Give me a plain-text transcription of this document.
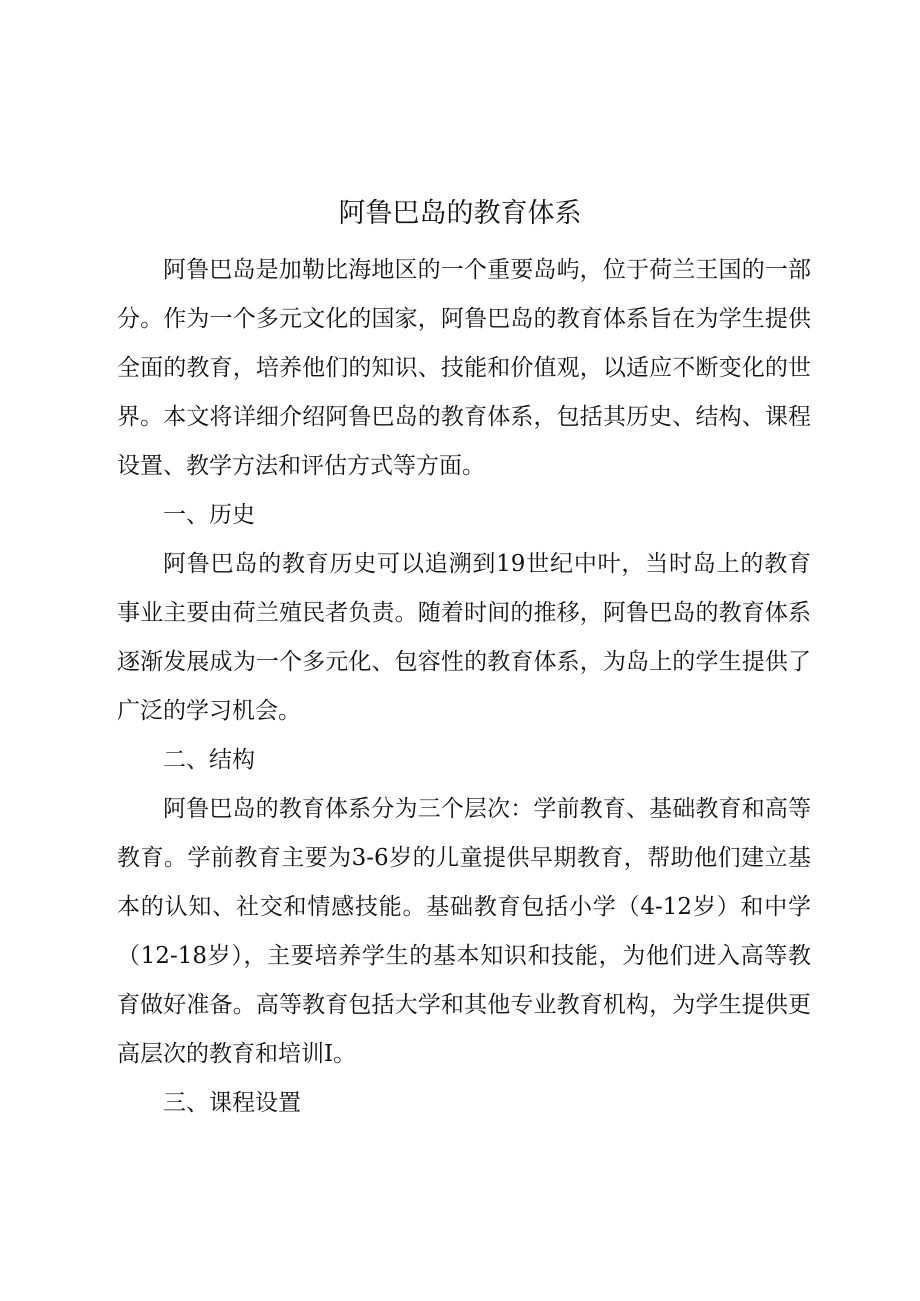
阿鲁巴岛的教育体系

阿鲁巴岛是加勒比海地区的一个重要岛屿，位于荷兰王国的一部分。作为一个多元文化的国家，阿鲁巴岛的教育体系旨在为学生提供全面的教育，培养他们的知识、技能和价值观，以适应不断变化的世界。本文将详细介绍阿鲁巴岛的教育体系，包括其历史、结构、课程设置、教学方法和评估方式等方面。

一、历史

阿鲁巴岛的教育历史可以追溯到19世纪中叶，当时岛上的教育事业主要由荷兰殖民者负责。随着时间的推移，阿鲁巴岛的教育体系逐渐发展成为一个多元化、包容性的教育体系，为岛上的学生提供了广泛的学习机会。

二、结构

阿鲁巴岛的教育体系分为三个层次：学前教育、基础教育和高等教育。学前教育主要为3-6岁的儿童提供早期教育，帮助他们建立基本的认知、社交和情感技能。基础教育包括小学（4-12岁）和中学（12-18岁），主要培养学生的基本知识和技能，为他们进入高等教育做好准备。高等教育包括大学和其他专业教育机构，为学生提供更高层次的教育和培训Ⅰ。

三、课程设置
